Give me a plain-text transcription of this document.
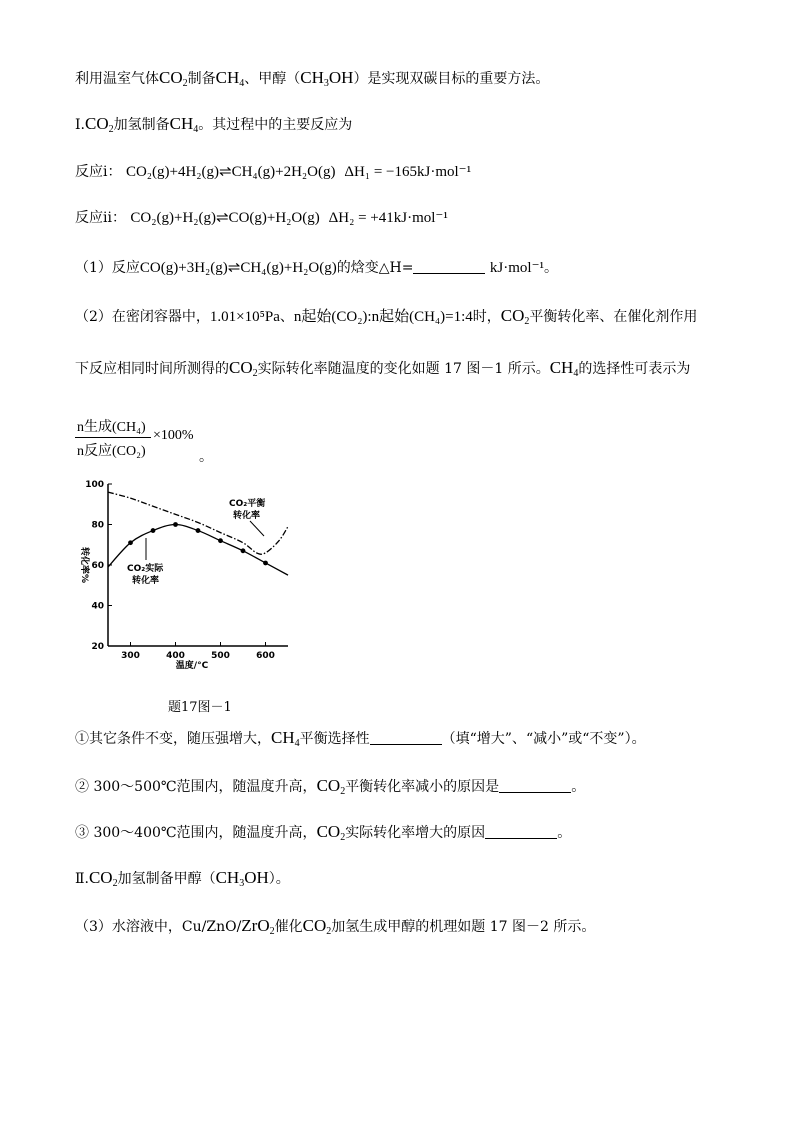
利用温室气体$CO_2$制备$CH_4$、甲醇$(CH_3OH)$是实现双碳目标的重要方法。
$Ⅰ.CO_2$加氢制备$CH_4$。其过程中的主要反应为
反应ⅰ： CO₂(g)+4H₂(g)⇌CH₄(g)+2H₂O(g) ΔH₁ = −165kJ·mol⁻¹
反应ⅱ： CO₂(g)+H₂(g)⇌CO(g)+H₂O(g) ΔH₂ = +41kJ·mol⁻¹
（1）反应CO(g)+3H₂(g)⇌CH₄(g)+H₂O(g)的焓变△H=	kJ·mol⁻¹。
（2）在密闭容器中，1.01×10⁵Pa、n起始(CO₂):n起始(CH₄)=1:4时，$CO_2$平衡转化率、在催化剂作用
下反应相同时间所测得的$CO_2$实际转化率随温度的变化如题 17 图－1 所示。$CH_4$的选择性可表示为
n生成(CH₄)
n反应(CO₂)
×100%
。
20
40
60
80
100
300	400	500	600
温度/°C
转化率%
CO₂平衡
转化率
CO₂实际
转化率
题17图－1
①其它条件不变，随压强增大，$CH_4$平衡选择性	（填“增大”、“减小”或“不变”）。
② 300～500℃范围内，随温度升高，$CO_2$平衡转化率减小的原因是	。
③ 300～400℃范围内，随温度升高，$CO_2$实际转化率增大的原因	。
$Ⅱ.CO_2$加氢制备甲醇$(CH_3OH)$。
（3）水溶液中，Cu/ZnO/ZrO$_2$催化$CO_2$加氢生成甲醇的机理如题 17 图－2 所示。
